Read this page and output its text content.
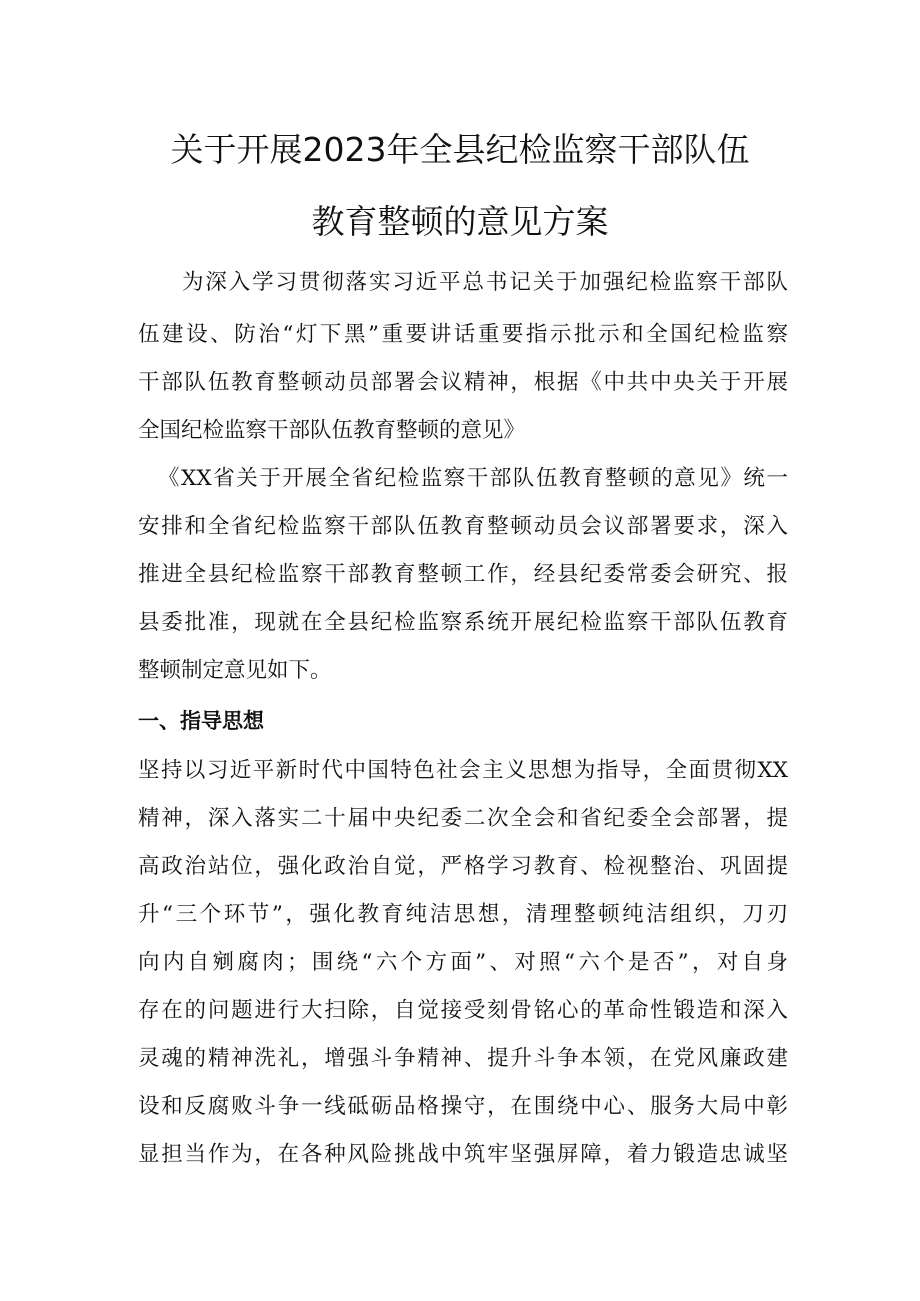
关于开展2023年全县纪检监察干部队伍
教育整顿的意见方案

为深入学习贯彻落实习近平总书记关于加强纪检监察干部队

伍建设、防治“灯下黑”重要讲话重要指示批示和全国纪检监察

干部队伍教育整顿动员部署会议精神，根据《中共中央关于开展

全国纪检监察干部队伍教育整顿的意见》

《XX省关于开展全省纪检监察干部队伍教育整顿的意见》统一

安排和全省纪检监察干部队伍教育整顿动员会议部署要求，深入

推进全县纪检监察干部教育整顿工作，经县纪委常委会研究、报

县委批准，现就在全县纪检监察系统开展纪检监察干部队伍教育

整顿制定意见如下。

一、指导思想

坚持以习近平新时代中国特色社会主义思想为指导，全面贯彻XX

精神，深入落实二十届中央纪委二次全会和省纪委全会部署，提

高政治站位，强化政治自觉，严格学习教育、检视整治、巩固提

升“三个环节”，强化教育纯洁思想，清理整顿纯洁组织，刀刃

向内自剜腐肉；围绕“六个方面”、对照“六个是否”，对自身

存在的问题进行大扫除，自觉接受刻骨铭心的革命性锻造和深入

灵魂的精神洗礼，增强斗争精神、提升斗争本领，在党风廉政建

设和反腐败斗争一线砥砺品格操守，在围绕中心、服务大局中彰

显担当作为，在各种风险挑战中筑牢坚强屏障，着力锻造忠诚坚
